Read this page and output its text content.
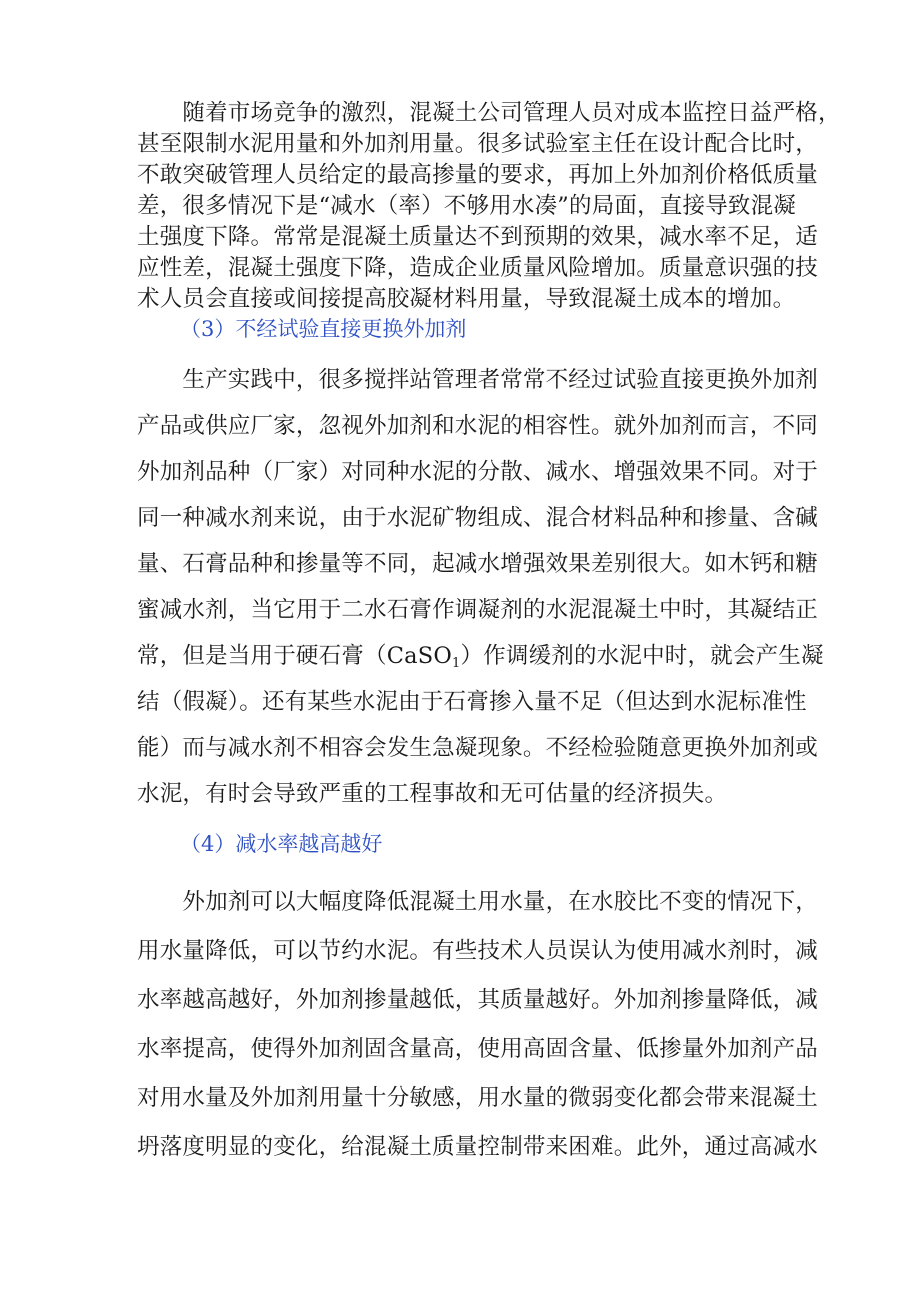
　　随着市场竞争的激烈，混凝土公司管理人员对成本监控日益严格，
甚至限制水泥用量和外加剂用量。很多试验室主任在设计配合比时，
不敢突破管理人员给定的最高掺量的要求，再加上外加剂价格低质量
差，很多情况下是“减水（率）不够用水凑”的局面，直接导致混凝
土强度下降。常常是混凝土质量达不到预期的效果，减水率不足，适
应性差，混凝土强度下降，造成企业质量风险增加。质量意识强的技
术人员会直接或间接提高胶凝材料用量，导致混凝土成本的增加。
（3）不经试验直接更换外加剂
　　生产实践中，很多搅拌站管理者常常不经过试验直接更换外加剂
产品或供应厂家，忽视外加剂和水泥的相容性。就外加剂而言，不同
外加剂品种（厂家）对同种水泥的分散、减水、增强效果不同。对于
同一种减水剂来说，由于水泥矿物组成、混合材料品种和掺量、含碱
量、石膏品种和掺量等不同，起减水增强效果差别很大。如木钙和糖
蜜减水剂，当它用于二水石膏作调凝剂的水泥混凝土中时，其凝结正
常，但是当用于硬石膏（CaSO$_1$）作调缓剂的水泥中时，就会产生凝
结（假凝）。还有某些水泥由于石膏掺入量不足（但达到水泥标准性
能）而与减水剂不相容会发生急凝现象。不经检验随意更换外加剂或
水泥，有时会导致严重的工程事故和无可估量的经济损失。
（4）减水率越高越好
　　外加剂可以大幅度降低混凝土用水量，在水胶比不变的情况下，
用水量降低，可以节约水泥。有些技术人员误认为使用减水剂时，减
水率越高越好，外加剂掺量越低，其质量越好。外加剂掺量降低，减
水率提高，使得外加剂固含量高，使用高固含量、低掺量外加剂产品
对用水量及外加剂用量十分敏感，用水量的微弱变化都会带来混凝土
坍落度明显的变化，给混凝土质量控制带来困难。此外，通过高减水
